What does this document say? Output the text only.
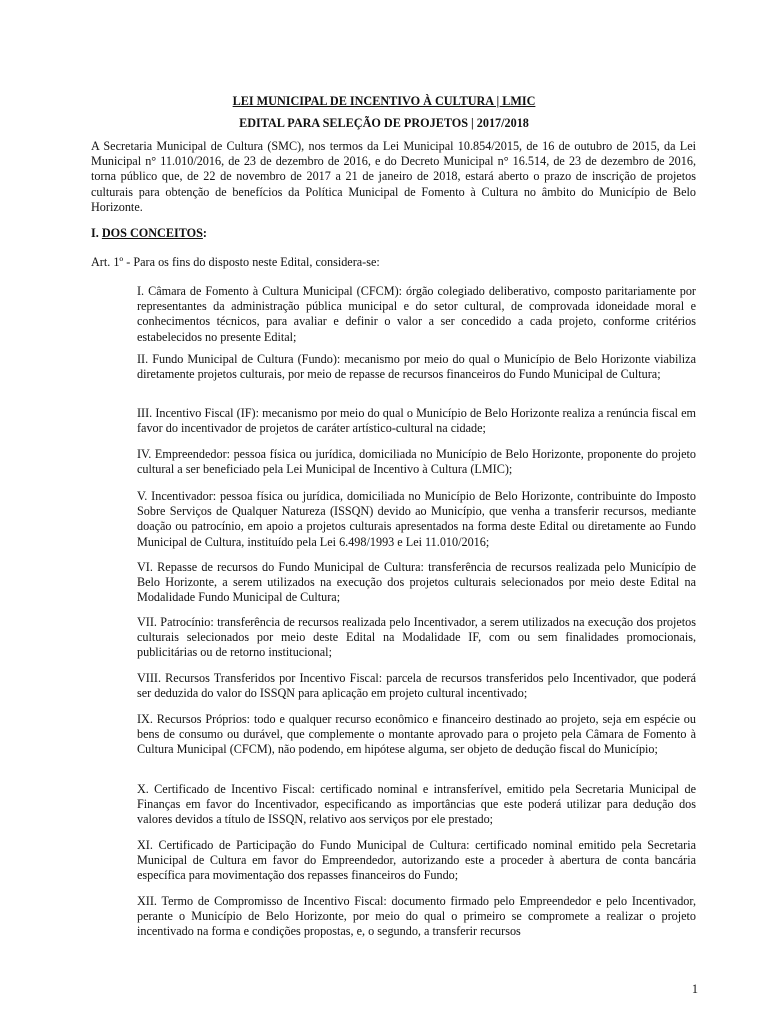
LEI MUNICIPAL DE INCENTIVO À CULTURA | LMIC
EDITAL PARA SELEÇÃO DE PROJETOS | 2017/2018

A Secretaria Municipal de Cultura (SMC), nos termos da Lei Municipal 10.854/2015, de 16 de outubro de 2015, da Lei Municipal n° 11.010/2016, de 23 de dezembro de 2016, e do Decreto Municipal n° 16.514, de 23 de dezembro de 2016, torna público que, de 22 de novembro de 2017 a 21 de janeiro de 2018, estará aberto o prazo de inscrição de projetos culturais para obtenção de benefícios da Política Municipal de Fomento à Cultura no âmbito do Município de Belo Horizonte.

I. DOS CONCEITOS:

Art. 1º - Para os fins do disposto neste Edital, considera-se:

I. Câmara de Fomento à Cultura Municipal (CFCM): órgão colegiado deliberativo, composto paritariamente por representantes da administração pública municipal e do setor cultural, de comprovada idoneidade moral e conhecimentos técnicos, para avaliar e definir o valor a ser concedido a cada projeto, conforme critérios estabelecidos no presente Edital;

II. Fundo Municipal de Cultura (Fundo): mecanismo por meio do qual o Município de Belo Horizonte viabiliza diretamente projetos culturais, por meio de repasse de recursos financeiros do Fundo Municipal de Cultura;

III. Incentivo Fiscal (IF): mecanismo por meio do qual o Município de Belo Horizonte realiza a renúncia fiscal em favor do incentivador de projetos de caráter artístico-cultural na cidade;

IV. Empreendedor: pessoa física ou jurídica, domiciliada no Município de Belo Horizonte, proponente do projeto cultural a ser beneficiado pela Lei Municipal de Incentivo à Cultura (LMIC);

V. Incentivador: pessoa física ou jurídica, domiciliada no Município de Belo Horizonte, contribuinte do Imposto Sobre Serviços de Qualquer Natureza (ISSQN) devido ao Município, que venha a transferir recursos, mediante doação ou patrocínio, em apoio a projetos culturais apresentados na forma deste Edital ou diretamente ao Fundo Municipal de Cultura, instituído pela Lei 6.498/1993 e Lei 11.010/2016;

VI. Repasse de recursos do Fundo Municipal de Cultura: transferência de recursos realizada pelo Município de Belo Horizonte, a serem utilizados na execução dos projetos culturais selecionados por meio deste Edital na Modalidade Fundo Municipal de Cultura;

VII. Patrocínio: transferência de recursos realizada pelo Incentivador, a serem utilizados na execução dos projetos culturais selecionados por meio deste Edital na Modalidade IF, com ou sem finalidades promocionais, publicitárias ou de retorno institucional;

VIII. Recursos Transferidos por Incentivo Fiscal: parcela de recursos transferidos pelo Incentivador, que poderá ser deduzida do valor do ISSQN para aplicação em projeto cultural incentivado;

IX. Recursos Próprios: todo e qualquer recurso econômico e financeiro destinado ao projeto, seja em espécie ou bens de consumo ou durável, que complemente o montante aprovado para o projeto pela Câmara de Fomento à Cultura Municipal (CFCM), não podendo, em hipótese alguma, ser objeto de dedução fiscal do Município;

X. Certificado de Incentivo Fiscal: certificado nominal e intransferível, emitido pela Secretaria Municipal de Finanças em favor do Incentivador, especificando as importâncias que este poderá utilizar para dedução dos valores devidos a título de ISSQN, relativo aos serviços por ele prestado;

XI. Certificado de Participação do Fundo Municipal de Cultura: certificado nominal emitido pela Secretaria Municipal de Cultura em favor do Empreendedor, autorizando este a proceder à abertura de conta bancária específica para movimentação dos repasses financeiros do Fundo;

XII. Termo de Compromisso de Incentivo Fiscal: documento firmado pelo Empreendedor e pelo Incentivador, perante o Município de Belo Horizonte, por meio do qual o primeiro se compromete a realizar o projeto incentivado na forma e condições propostas, e, o segundo, a transferir recursos

1
